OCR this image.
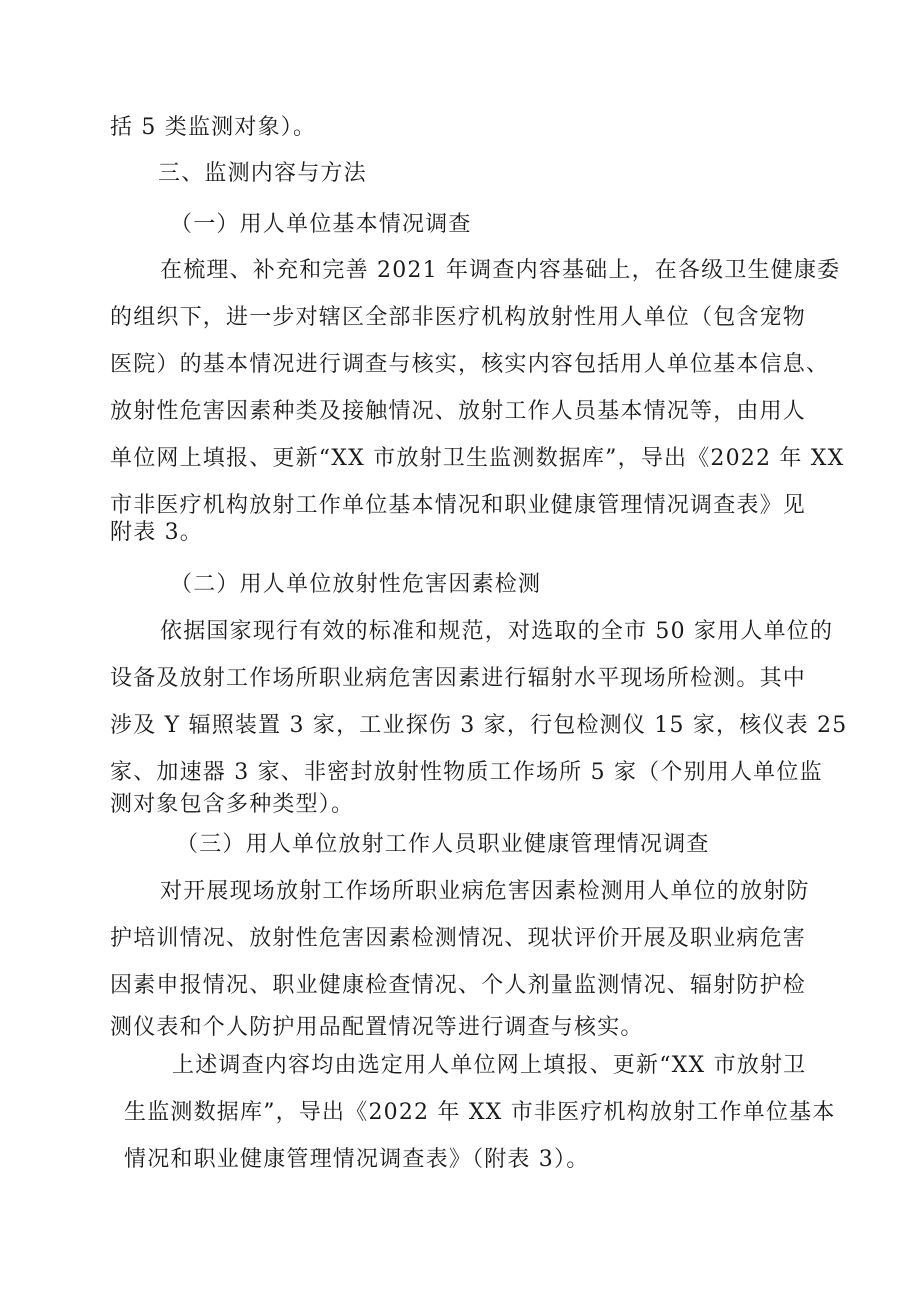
括 5 类监测对象）。
三、监测内容与方法
（一）用人单位基本情况调查
在梳理、补充和完善 2021 年调查内容基础上，在各级卫生健康委
的组织下，进一步对辖区全部非医疗机构放射性用人单位（包含宠物
医院）的基本情况进行调查与核实，核实内容包括用人单位基本信息、
放射性危害因素种类及接触情况、放射工作人员基本情况等，由用人
单位网上填报、更新“XX 市放射卫生监测数据库”，导出《2022 年 XX
市非医疗机构放射工作单位基本情况和职业健康管理情况调查表》见
附表 3。
（二）用人单位放射性危害因素检测
依据国家现行有效的标准和规范，对选取的全市 50 家用人单位的
设备及放射工作场所职业病危害因素进行辐射水平现场所检测。其中
涉及 Y 辐照装置 3 家，工业探伤 3 家，行包检测仪 15 家，核仪表 25
家、加速器 3 家、非密封放射性物质工作场所 5 家（个别用人单位监
测对象包含多种类型）。
（三）用人单位放射工作人员职业健康管理情况调查
对开展现场放射工作场所职业病危害因素检测用人单位的放射防
护培训情况、放射性危害因素检测情况、现状评价开展及职业病危害
因素申报情况、职业健康检查情况、个人剂量监测情况、辐射防护检
测仪表和个人防护用品配置情况等进行调查与核实。
上述调查内容均由选定用人单位网上填报、更新“XX 市放射卫
生监测数据库”，导出《2022 年 XX 市非医疗机构放射工作单位基本
情况和职业健康管理情况调查表》（附表 3）。
